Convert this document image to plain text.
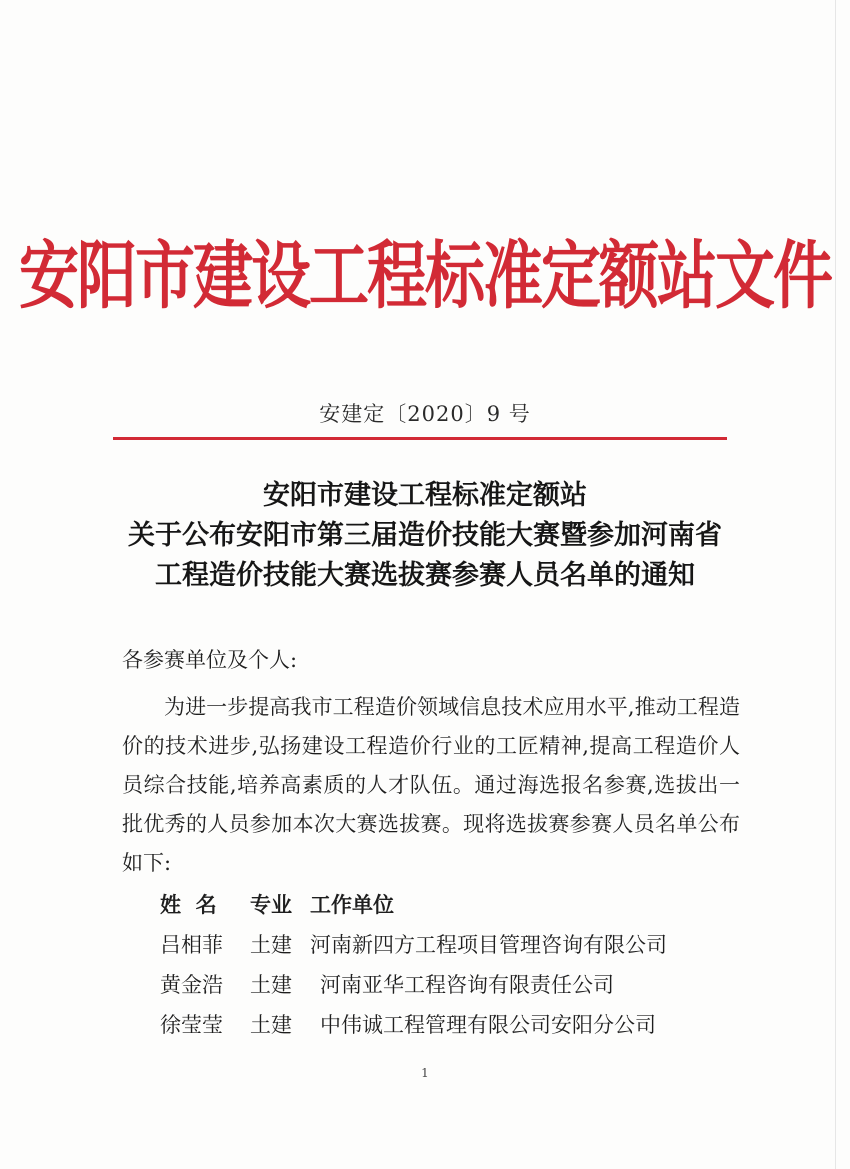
安阳市建设工程标准定额站文件
安建定〔2020〕9 号
安阳市建设工程标准定额站
关于公布安阳市第三届造价技能大赛暨参加河南省
工程造价技能大赛选拔赛参赛人员名单的通知
各参赛单位及个人:

为进一步提高我市工程造价领域信息技术应用水平,推动工程造价的技术进步,弘扬建设工程造价行业的工匠精神,提高工程造价人员综合技能,培养高素质的人才队伍。通过海选报名参赛,选拔出一批优秀的人员参加本次大赛选拔赛。现将选拔赛参赛人员名单公布如下:

姓  名	专业 工作单位
吕相菲	土建 河南新四方工程项目管理咨询有限公司
黄金浩	土建	河南亚华工程咨询有限责任公司
徐莹莹	土建	中伟诚工程管理有限公司安阳分公司
1
